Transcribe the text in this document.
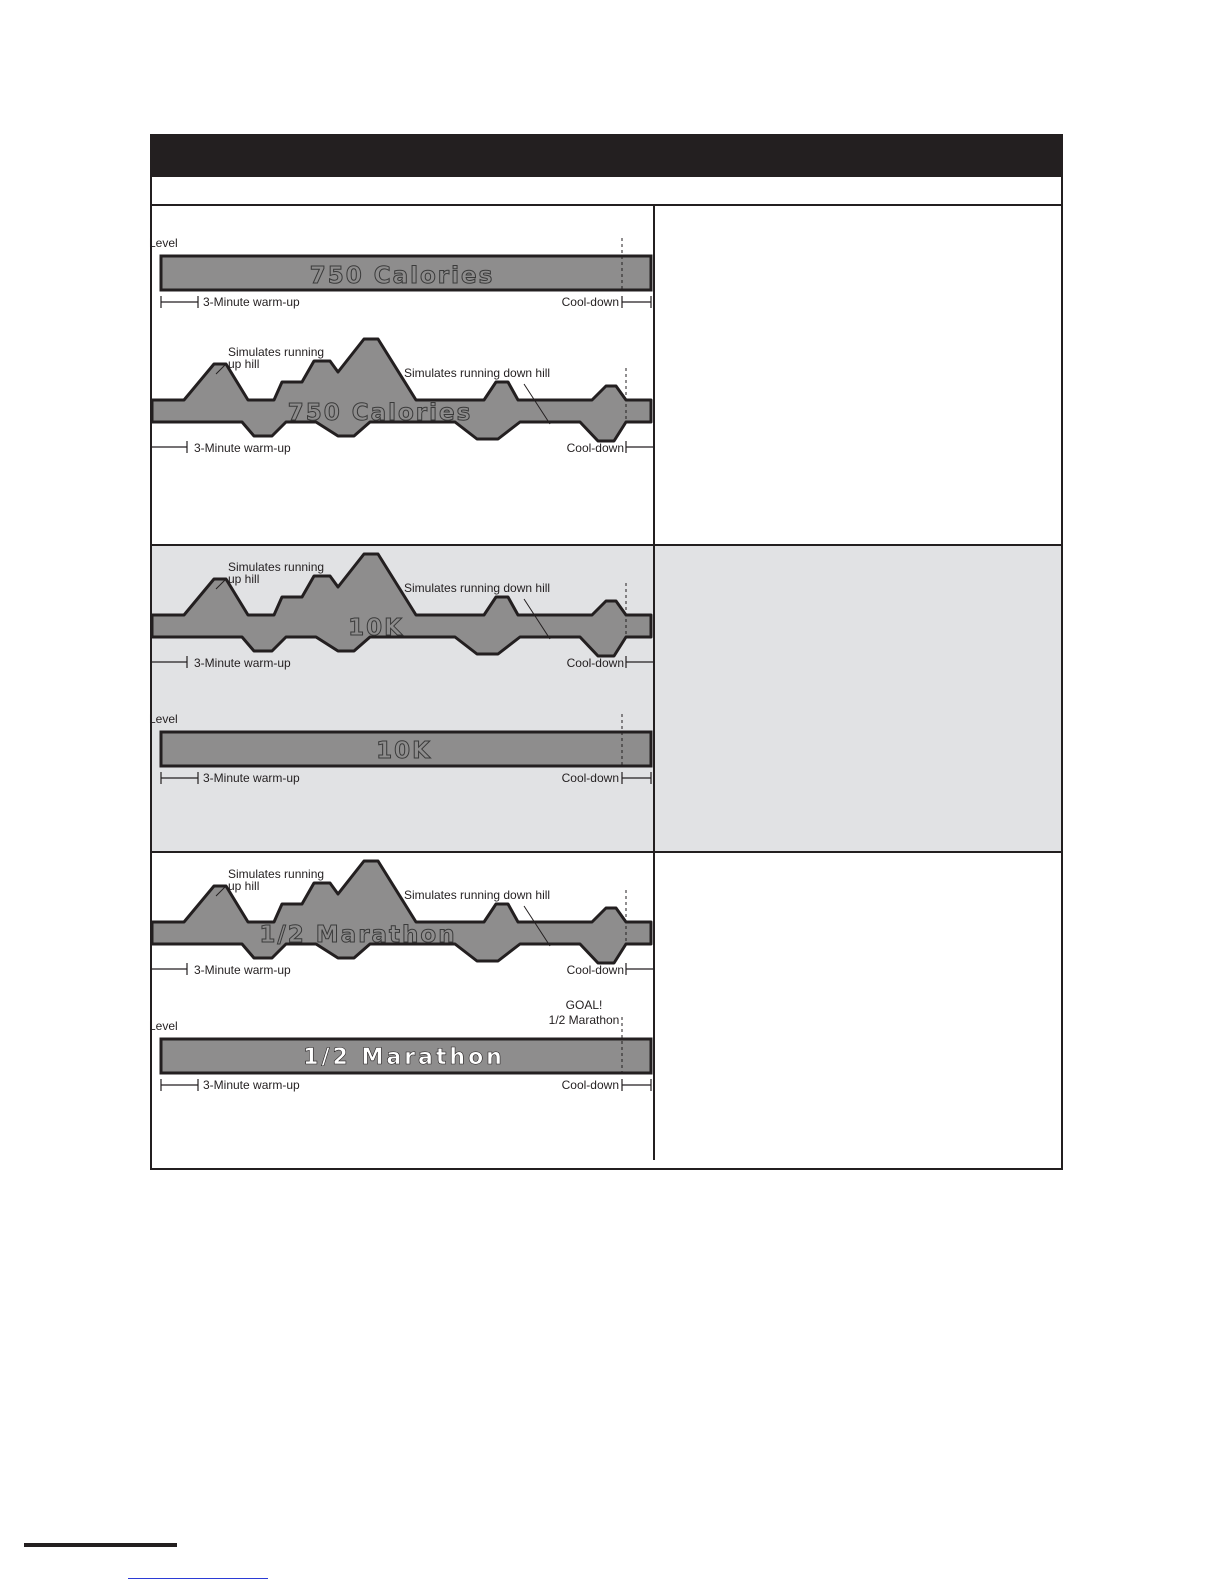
Level
750 Calories
3-Minute warm-up	Cool-down
750 Calories
Simulates running
up hill
Simulates running down hill
3-Minute warm-up	Cool-down
10K
Simulates running
up hill
Simulates running down hill
3-Minute warm-up	Cool-down
Level
10K
3-Minute warm-up	Cool-down
1/2 Marathon
Simulates running
up hill
Simulates running down hill
3-Minute warm-up	Cool-down
GOAL!
1/2 Marathon
Level
1/2 Marathon
3-Minute warm-up	Cool-down
